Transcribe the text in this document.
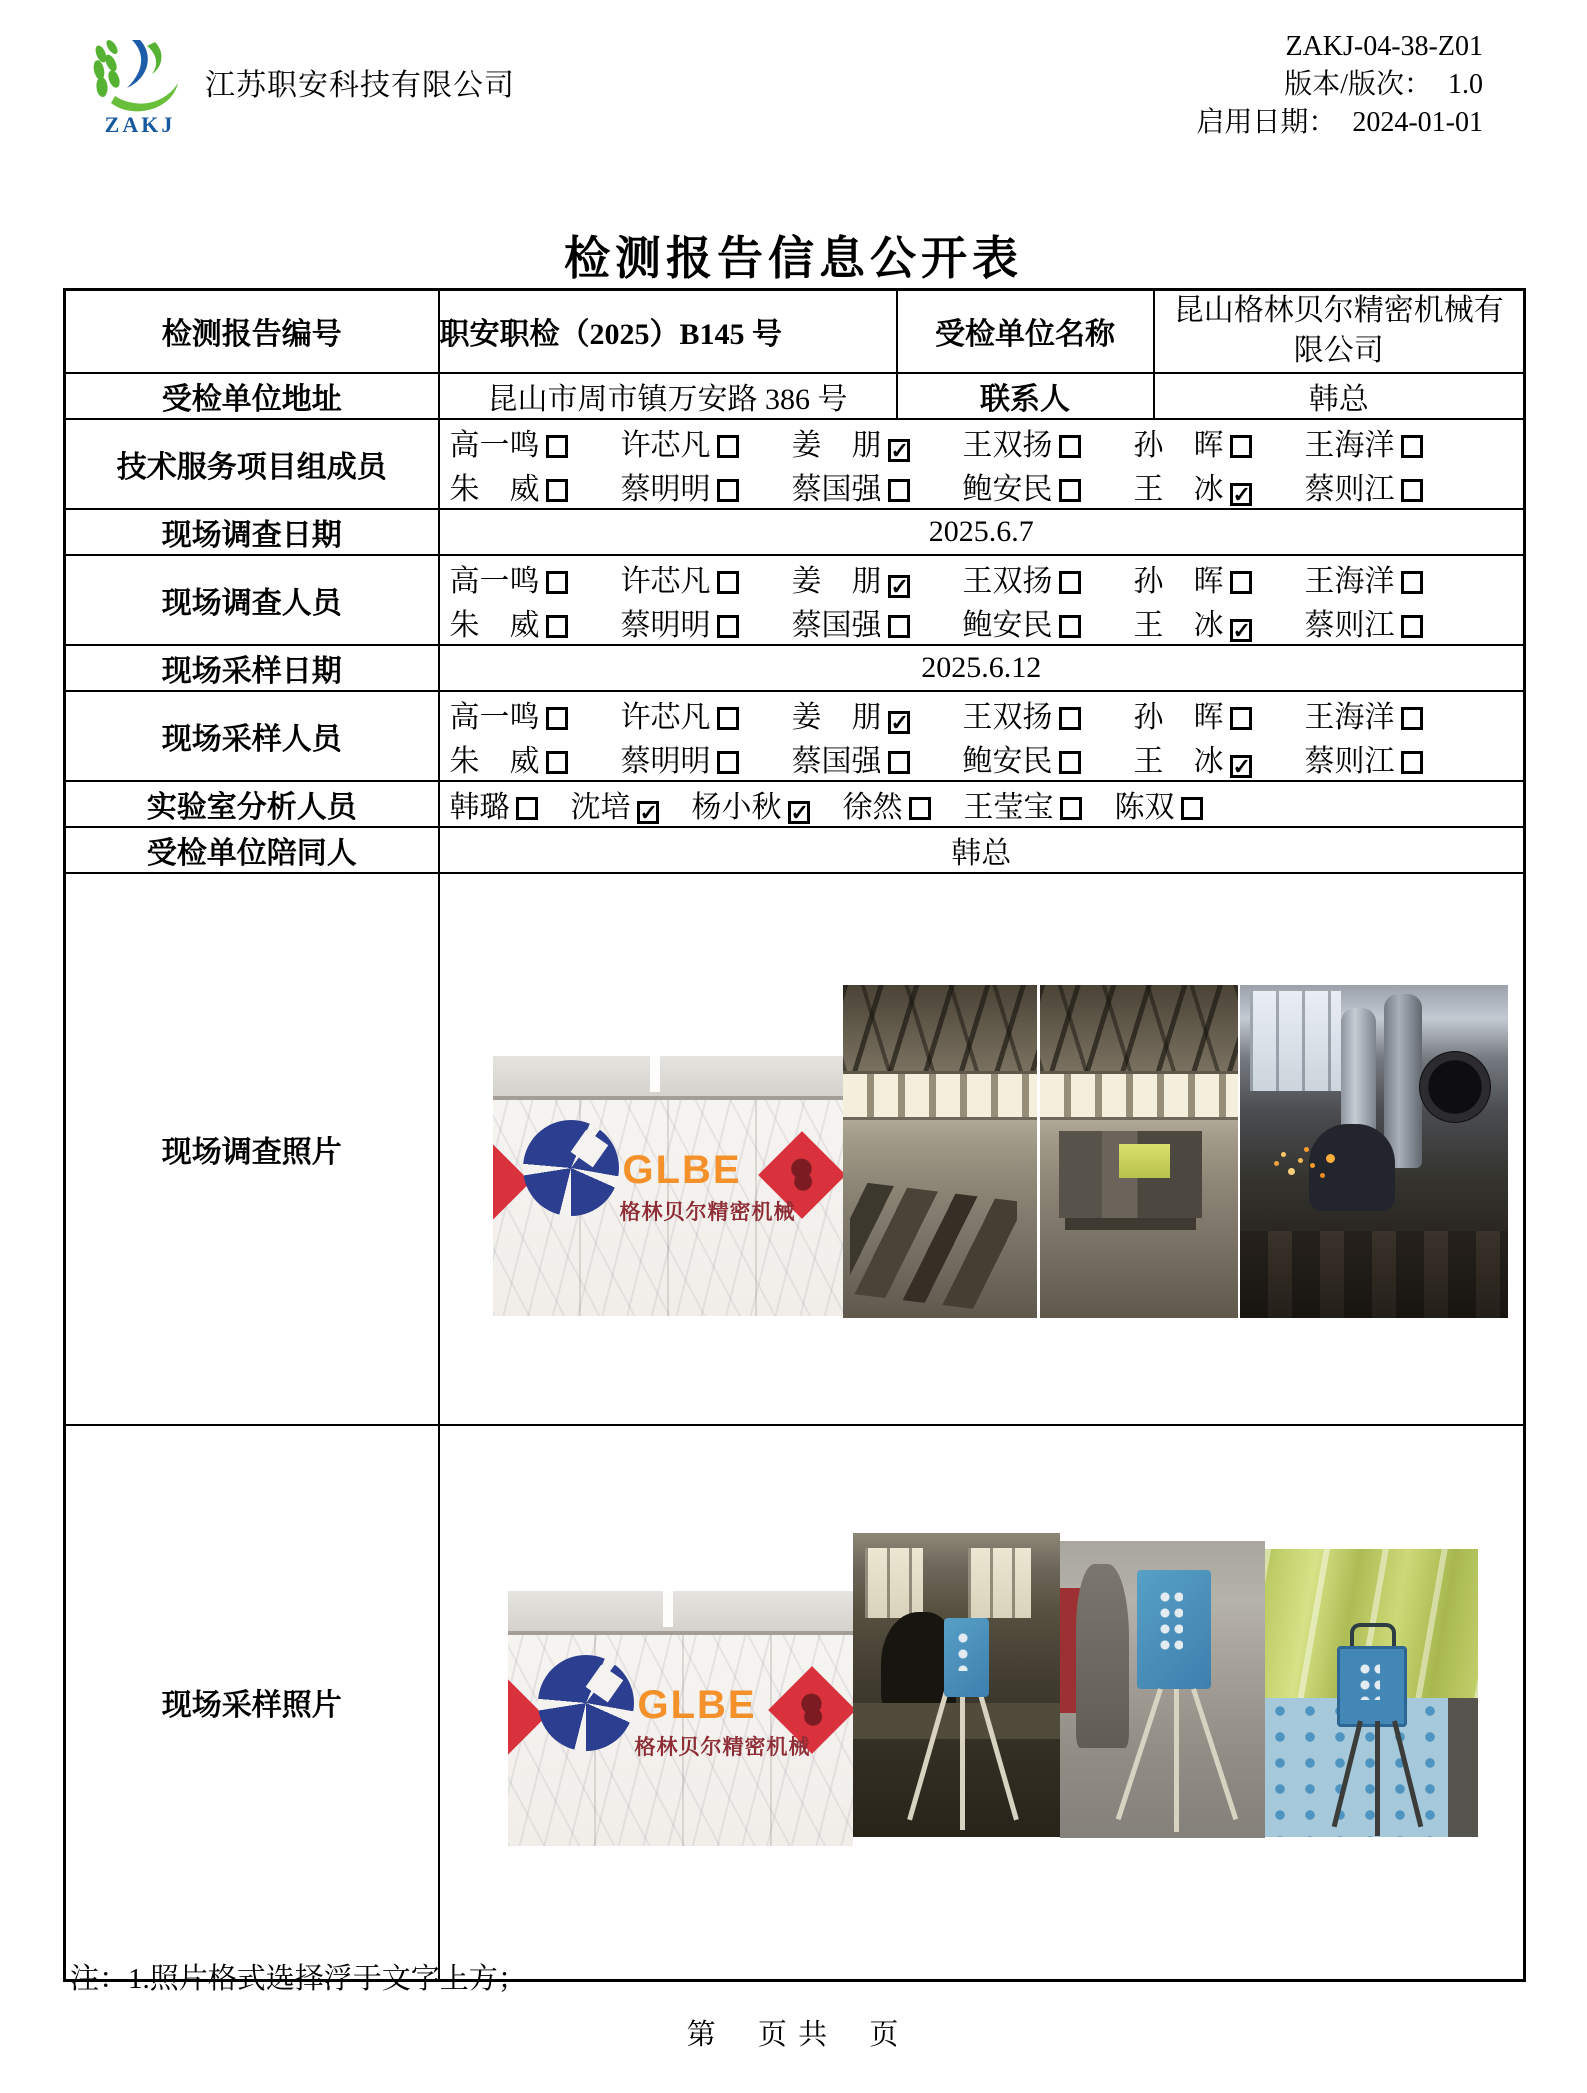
ZAKJ
江苏职安科技有限公司
ZAKJ-04-38-Z01
版本/版次： 1.0
启用日期： 2024-01-01
检测报告信息公开表
检测报告编号	职安职检（2025）B145 号	受检单位名称	昆山格林贝尔精密机械有限公司

受检单位地址	昆山市周市镇万安路 386 号	联系人	韩总
技术服务项目组成员	
高一鸣	许芯凡	姜　朋 ✓	王双扬	孙　晖	王海洋
朱　威	蔡明明	蔡国强	鲍安民	王　冰 ✓	蔡则江

现场调查日期	2025.6.7		
现场调查人员	
高一鸣	许芯凡	姜　朋 ✓	王双扬	孙　晖	王海洋
朱　威	蔡明明	蔡国强	鲍安民	王　冰 ✓	蔡则江

现场采样日期	2025.6.12		
现场采样人员	
高一鸣	许芯凡	姜　朋 ✓	王双扬	孙　晖	王海洋
朱　威	蔡明明	蔡国强	鲍安民	王　冰 ✓	蔡则江

实验室分析人员	韩璐	沈培 ✓ 杨小秋 ✓ 徐然	王莹宝	陈双

受检单位陪同人	韩总		
现场调查照片	GLBE
格林贝尔精密机械		

现场采样照片	GLBE
格林贝尔精密机械		
注：1.照片格式选择浮于文字上方；
第　 页 共　 页
